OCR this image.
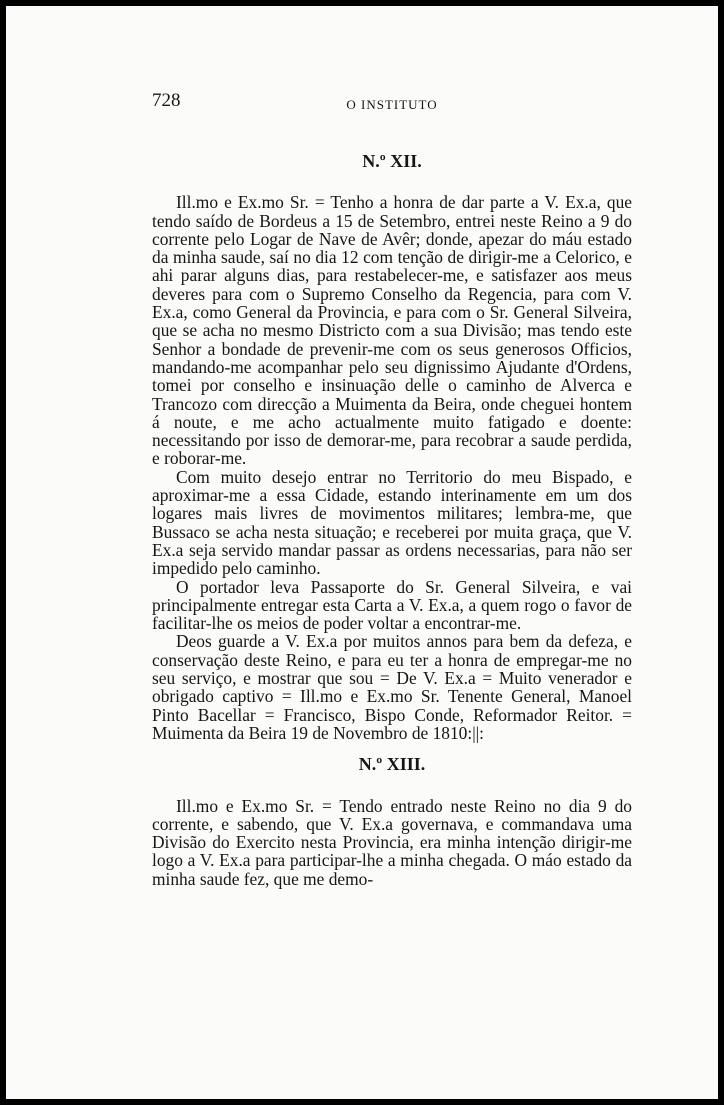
728	O INSTITUTO
N.º XII.

Ill.mo e Ex.mo Sr. = Tenho a honra de dar parte a V. Ex.a, que tendo saído de Bordeus a 15 de Setembro, entrei neste Reino a 9 do corrente pelo Logar de Nave de Avêr; donde, apezar do máu estado da minha saude, saí no dia 12 com tenção de dirigir-me a Celorico, e ahi parar alguns dias, para restabelecer-me, e satisfazer aos meus deveres para com o Supremo Conselho da Regencia, para com V. Ex.a, como General da Provincia, e para com o Sr. General Silveira, que se acha no mesmo Districto com a sua Divisão; mas tendo este Senhor a bondade de prevenir-me com os seus generosos Officios, mandando-me acompanhar pelo seu dignissimo Ajudante d'Ordens, tomei por conselho e insinuação delle o caminho de Alverca e Trancozo com direcção a Muimenta da Beira, onde cheguei hontem á noute, e me acho actualmente muito fatigado e doente: necessitando por isso de demorar-me, para recobrar a saude perdida, e roborar-me.

Com muito desejo entrar no Territorio do meu Bispado, e aproximar-me a essa Cidade, estando interinamente em um dos logares mais livres de movimentos militares; lembra-me, que Bussaco se acha nesta situação; e receberei por muita graça, que V. Ex.a seja servido mandar passar as ordens necessarias, para não ser impedido pelo caminho.

O portador leva Passaporte do Sr. General Silveira, e vai principalmente entregar esta Carta a V. Ex.a, a quem rogo o favor de facilitar-lhe os meios de poder voltar a encontrar-me.

Deos guarde a V. Ex.a por muitos annos para bem da defeza, e conservação deste Reino, e para eu ter a honra de empregar-me no seu serviço, e mostrar que sou = De V. Ex.a = Muito venerador e obrigado captivo = Ill.mo e Ex.mo Sr. Tenente General, Manoel Pinto Bacellar = Francisco, Bispo Conde, Reformador Reitor. = Muimenta da Beira 19 de Novembro de 1810:||:

N.º XIII.

Ill.mo e Ex.mo Sr. = Tendo entrado neste Reino no dia 9 do corrente, e sabendo, que V. Ex.a governava, e commandava uma Divisão do Exercito nesta Provincia, era minha intenção dirigir-me logo a V. Ex.a para participar-lhe a minha chegada. O máo estado da minha saude fez, que me demo-
